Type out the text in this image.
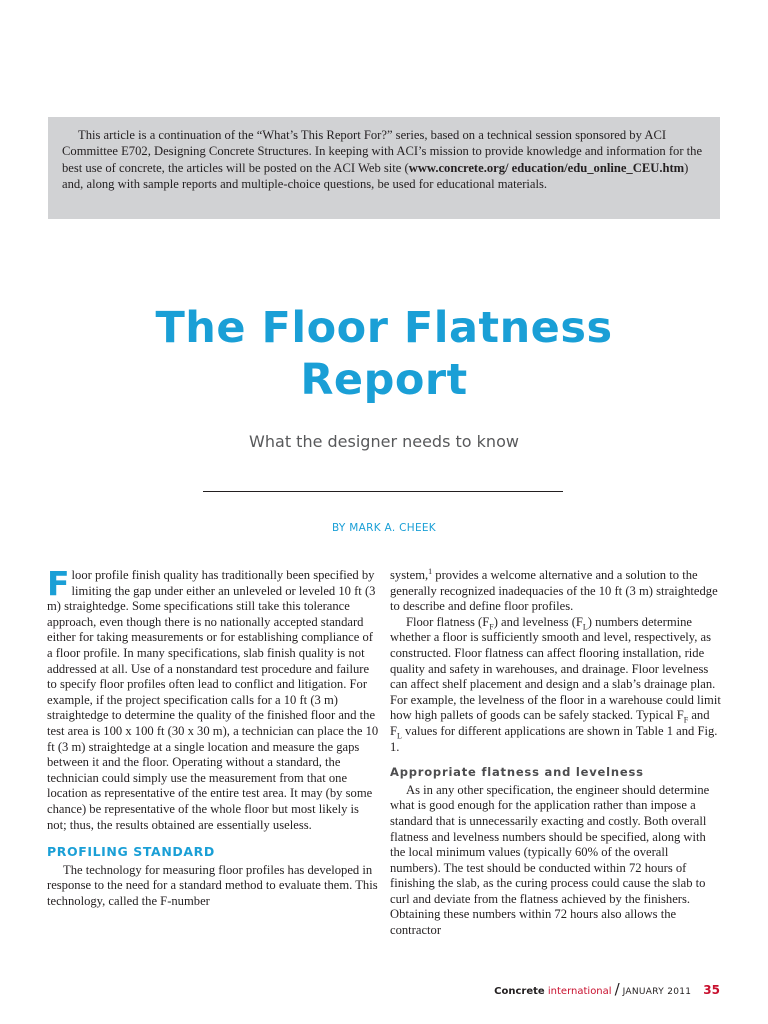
This article is a continuation of the “What’s This Report For?” series, based on a technical session sponsored by ACI Committee E702, Designing Concrete Structures. In keeping with ACI’s mission to provide knowledge and information for the best use of concrete, the articles will be posted on the ACI Web site (www.concrete.org/ education/edu_online_CEU.htm) and, along with sample reports and multiple-choice questions, be used for educational materials.

The Floor Flatness
Report
What the designer needs to know
BY MARK A. CHEEK

Floor profile finish quality has traditionally been specified by limiting the gap under either an unleveled or leveled 10 ft (3 m) straightedge. Some specifications still take this tolerance approach, even though there is no nationally accepted standard either for taking measurements or for establishing compliance of a floor profile. In many specifications, slab finish quality is not addressed at all. Use of a nonstandard test procedure and failure to specify floor profiles often lead to conflict and litigation. For example, if the project specification calls for a 10 ft (3 m) straightedge to determine the quality of the finished floor and the test area is 100 x 100 ft (30 x 30 m), a technician can place the 10 ft (3 m) straightedge at a single location and measure the gaps between it and the floor. Operating without a standard, the technician could simply use the measurement from that one location as representative of the entire test area. It may (by some chance) be representative of the whole floor but most likely is not; thus, the results obtained are essentially useless.

PROFILING STANDARD

The technology for measuring floor profiles has developed in response to the need for a standard method to evaluate them. This technology, called the F-number

system,$^1$ provides a welcome alternative and a solution to the generally recognized inadequacies of the 10 ft (3 m) straightedge to describe and define floor profiles.

Floor flatness $(F_F)$ and levelness $(F_L)$ numbers determine whether a floor is sufficiently smooth and level, respectively, as constructed. Floor flatness can affect flooring installation, ride quality and safety in warehouses, and drainage. Floor levelness can affect shelf placement and design and a slab’s drainage plan. For example, the levelness of the floor in a warehouse could limit how high pallets of goods can be safely stacked. Typical $F_F$ and $F_L$ values for different applications are shown in Table 1 and Fig. 1.

Appropriate flatness and levelness

As in any other specification, the engineer should determine what is good enough for the application rather than impose a standard that is unnecessarily exacting and costly. Both overall flatness and levelness numbers should be specified, along with the local minimum values (typically 60% of the overall numbers). The test should be conducted within 72 hours of finishing the slab, as the curing process could cause the slab to curl and deviate from the flatness achieved by the finishers. Obtaining these numbers within 72 hours also allows the contractor

Concrete international / JANUARY 2011 35
